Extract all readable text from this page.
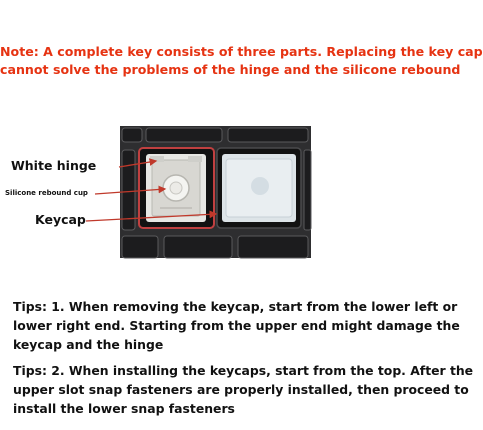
Note: A complete key consists of three parts. Replacing the key cap
cannot solve the problems of the hinge and the silicone rebound
White hinge
Silicone rebound cup
Keycap
Tips: 1. When removing the keycap, start from the lower left or
lower right end. Starting from the upper end might damage the
keycap and the hinge
Tips: 2. When installing the keycaps, start from the top. After the
upper slot snap fasteners are properly installed, then proceed to
install the lower snap fasteners
